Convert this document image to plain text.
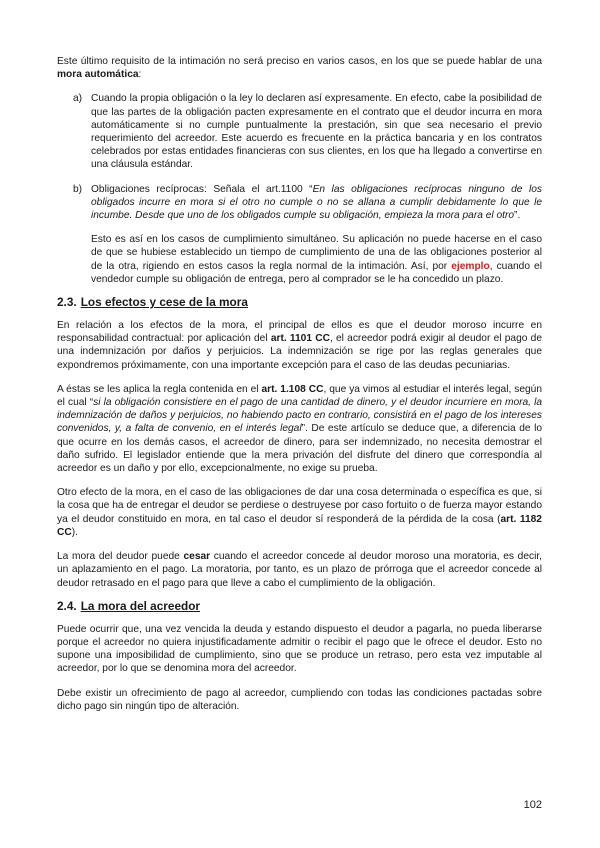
Este último requisito de la intimación no será preciso en varios casos, en los que se puede hablar de una mora automática:

a) Cuando la propia obligación o la ley lo declaren así expresamente. En efecto, cabe la posibilidad de que las partes de la obligación pacten expresamente en el contrato que el deudor incurra en mora automáticamente si no cumple puntualmente la prestación, sin que sea necesario el previo requerimiento del acreedor. Este acuerdo es frecuente en la práctica bancaria y en los contratos celebrados por estas entidades financieras con sus clientes, en los que ha llegado a convertirse en una cláusula estándar.

b) Obligaciones recíprocas: Señala el art.1100 “En las obligaciones recíprocas ninguno de los obligados incurre en mora si el otro no cumple o no se allana a cumplir debidamente lo que le incumbe. Desde que uno de los obligados cumple su obligación, empieza la mora para el otro”.

Esto es así en los casos de cumplimiento simultáneo. Su aplicación no puede hacerse en el caso de que se hubiese establecido un tiempo de cumplimiento de una de las obligaciones posterior al de la otra, rigiendo en estos casos la regla normal de la intimación. Así, por ejemplo, cuando el vendedor cumple su obligación de entrega, pero al comprador se le ha concedido un plazo.

2.3. Los efectos y cese de la mora

En relación a los efectos de la mora, el principal de ellos es que el deudor moroso incurre en responsabilidad contractual: por aplicación del art. 1101 CC, el acreedor podrá exigir al deudor el pago de una indemnización por daños y perjuicios. La indemnización se rige por las reglas generales que expondremos próximamente, con una importante excepción para el caso de las deudas pecuniarias.

A éstas se les aplica la regla contenida en el art. 1.108 CC, que ya vimos al estudiar el interés legal, según el cual “si la obligación consistiere en el pago de una cantidad de dinero, y el deudor incurriere en mora, la indemnización de daños y perjuicios, no habiendo pacto en contrario, consistirá en el pago de los intereses convenidos, y, a falta de convenio, en el interés legal”. De este artículo se deduce que, a diferencia de lo que ocurre en los demás casos, el acreedor de dinero, para ser indemnizado, no necesita demostrar el daño sufrido. El legislador entiende que la mera privación del disfrute del dinero que correspondía al acreedor es un daño y por ello, excepcionalmente, no exige su prueba.

Otro efecto de la mora, en el caso de las obligaciones de dar una cosa determinada o específica es que, si la cosa que ha de entregar el deudor se perdiese o destruyese por caso fortuito o de fuerza mayor estando ya el deudor constituido en mora, en tal caso el deudor sí responderá de la pérdida de la cosa (art. 1182 CC).

La mora del deudor puede cesar cuando el acreedor concede al deudor moroso una moratoria, es decir, un aplazamiento en el pago. La moratoria, por tanto, es un plazo de prórroga que el acreedor concede al deudor retrasado en el pago para que lleve a cabo el cumplimiento de la obligación.

2.4. La mora del acreedor

Puede ocurrir que, una vez vencida la deuda y estando dispuesto el deudor a pagarla, no pueda liberarse porque el acreedor no quiera injustificadamente admitir o recibir el pago que le ofrece el deudor. Esto no supone una imposibilidad de cumplimiento, sino que se produce un retraso, pero esta vez imputable al acreedor, por lo que se denomina mora del acreedor.

Debe existir un ofrecimiento de pago al acreedor, cumpliendo con todas las condiciones pactadas sobre dicho pago sin ningún tipo de alteración.

102
